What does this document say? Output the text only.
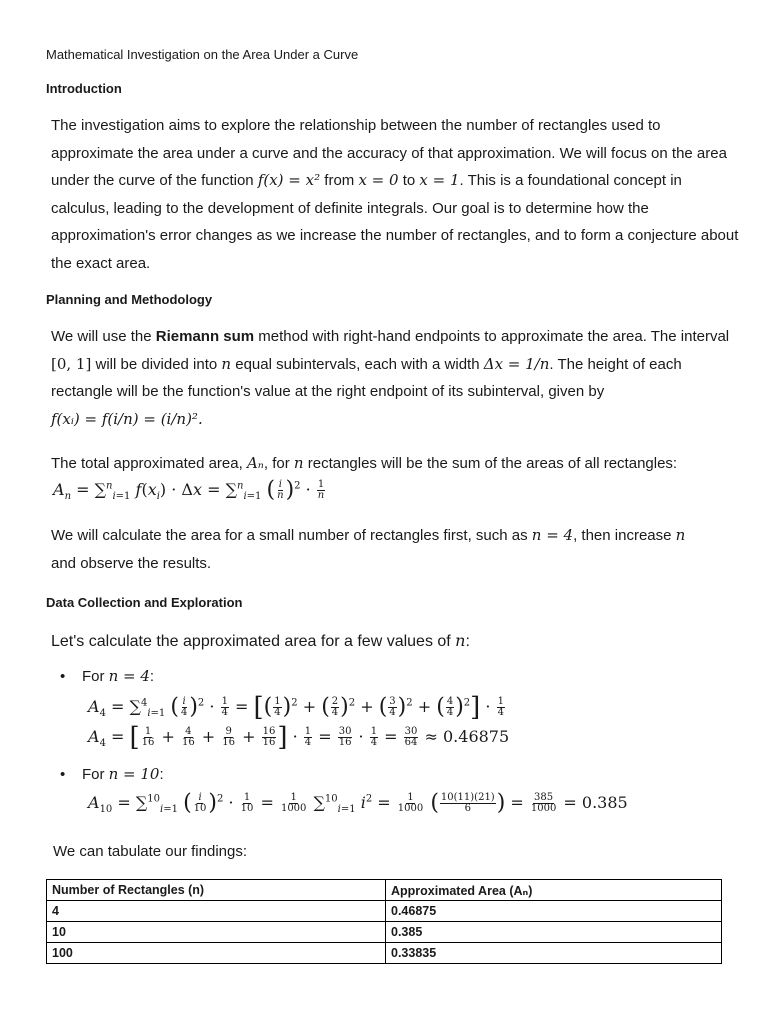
Mathematical Investigation on the Area Under a Curve
Introduction
The investigation aims to explore the relationship between the number of rectangles used to approximate the area under a curve and the accuracy of that approximation. We will focus on the area under the curve of the function f(x) = x² from x = 0 to x = 1. This is a foundational concept in calculus, leading to the development of definite integrals. Our goal is to determine how the approximation's error changes as we increase the number of rectangles, and to form a conjecture about the exact area.
Planning and Methodology
We will use the Riemann sum method with right-hand endpoints to approximate the area. The interval [0, 1] will be divided into n equal subintervals, each with a width Δx = 1/n. The height of each rectangle will be the function's value at the right endpoint of its subinterval, given by
f(xᵢ) = f(i/n) = (i/n)².
The total approximated area, Aₙ, for n rectangles will be the sum of the areas of all rectangles:
$A_n = \sum^n_{i=1}$ $f(x_i) \cdot \Delta x = \sum^n_{i=1}$ ( $\frac{i}{n} )^2 \cdot \frac{1}{n}$
We will calculate the area for a small number of rectangles first, such as n = 4, then increase n
and observe the results.
Data Collection and Exploration
Let's calculate the approximated area for a few values of n:
• For n = 4:
$A_4 = \sum^4_{i=1}$ ( $\frac{i}{4} )^2 \cdot \frac{1}{4}$ = [( $\frac{1}{4} )^2$ + ( $\frac{2}{4} )^2$ + ( $\frac{3}{4} )^2$ + ( $\frac{4}{4} )^2] \cdot \frac{1}{4}$
$A_4$ = [ $\frac{1}{16} + \frac{4}{16} + \frac{9}{16} + \frac{16}{16}$ ] · $\frac{1}{4} = \frac{30}{16} \cdot \frac{1}{4} = \frac{30}{64} \approx 0.46875$
• For n = 10:
$A_{10} = \sum^{10}_{i=1}$ ( $\frac{i}{10} )^2 \cdot \frac{1}{10} = \frac{1}{1000} \sum^{10}_{i=1}$ $i^2 = \frac{1}{1000}$ ( $\frac{10(11)(21)}{6}$ ) = $\frac{385}{1000} = 0.385$
We can tabulate our findings:
Number of Rectangles (n)	Approximated Area (Aₙ)
4	0.46875
10	0.385
100	0.33835
